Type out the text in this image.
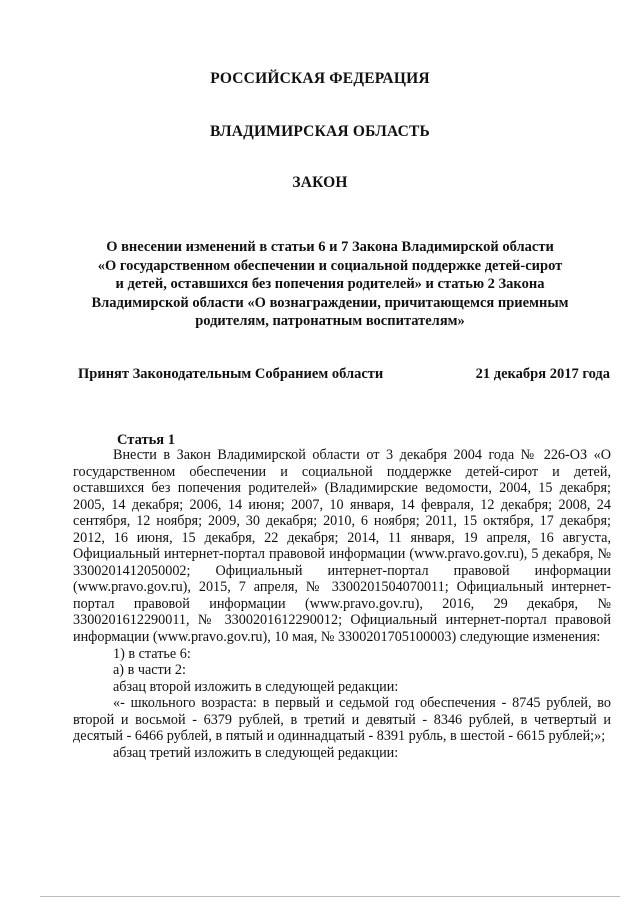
РОССИЙСКАЯ ФЕДЕРАЦИЯ
ВЛАДИМИРСКАЯ ОБЛАСТЬ
ЗАКОН
О внесении изменений в статьи 6 и 7 Закона Владимирской области
«О государственном обеспечении и социальной поддержке детей-сирот
и детей, оставшихся без попечения родителей» и статью 2 Закона
Владимирской области «О вознаграждении, причитающемся приемным
родителям, патронатным воспитателям»
Принят Законодательным Собранием области	21 декабря 2017 года
Статья 1

Внести в Закон Владимирской области от 3 декабря 2004 года № 226-ОЗ «О государственном обеспечении и социальной поддержке детей-сирот и детей, оставшихся без попечения родителей» (Владимирские ведомости, 2004, 15 декабря; 2005, 14 декабря; 2006, 14 июня; 2007, 10 января, 14 февраля, 12 декабря; 2008, 24 сентября, 12 ноября; 2009, 30 декабря; 2010, 6 ноября; 2011, 15 октября, 17 декабря; 2012, 16 июня, 15 декабря, 22 декабря; 2014, 11 января, 19 апреля, 16 августа, Официальный интернет-портал правовой информации (www.pravo.gov.ru), 5 декабря, № 3300201412050002; Официальный интернет-портал правовой информации (www.pravo.gov.ru), 2015, 7 апреля, № 3300201504070011; Официальный интернет-портал правовой информации (www.pravo.gov.ru), 2016, 29 декабря, № 3300201612290011, № 3300201612290012; Официальный интернет-портал правовой информации (www.pravo.gov.ru), 10 мая, № 3300201705100003) следующие изменения:

1) в статье 6:

а) в части 2:

абзац второй изложить в следующей редакции:

«- школьного возраста: в первый и седьмой год обеспечения - 8745 рублей, во второй и восьмой - 6379 рублей, в третий и девятый - 8346 рублей, в четвертый и десятый - 6466 рублей, в пятый и одиннадцатый - 8391 рубль, в шестой - 6615 рублей;»;

абзац третий изложить в следующей редакции:
